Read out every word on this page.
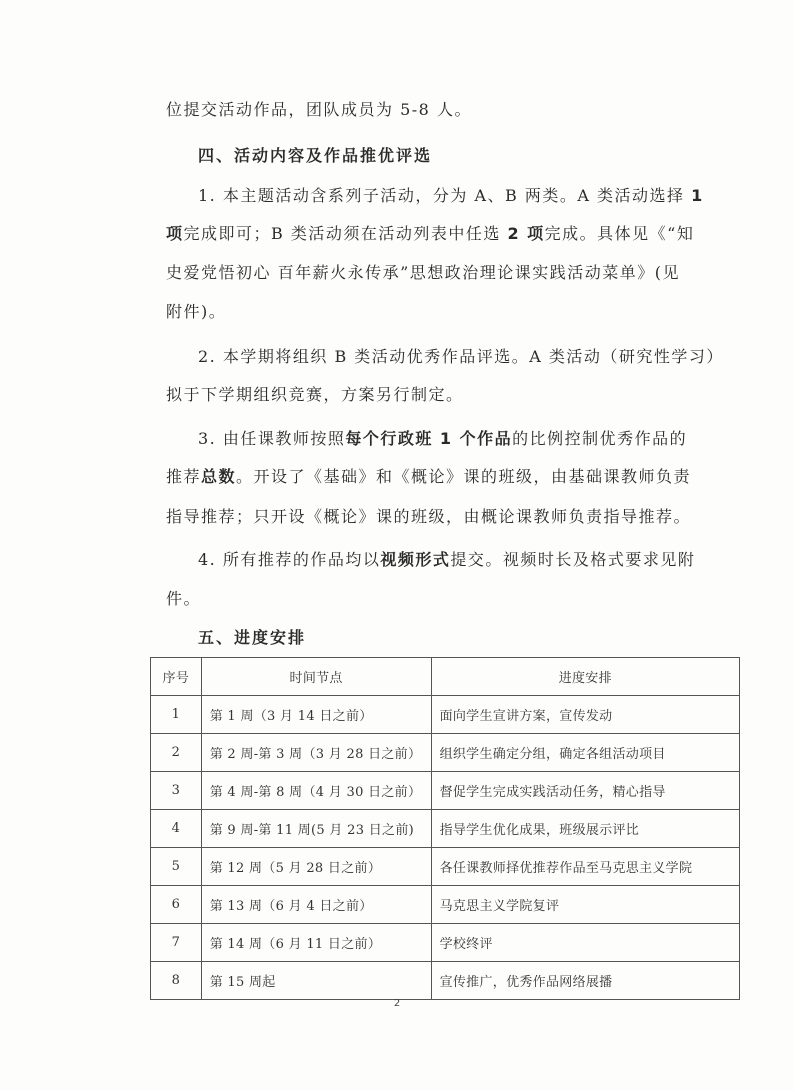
位提交活动作品，团队成员为 5-8 人。
四、活动内容及作品推优评选
1. 本主题活动含系列子活动，分为 A、B 两类。A 类活动选择 1
项完成即可；B 类活动须在活动列表中任选 2 项完成。具体见《“知
史爱党悟初心 百年薪火永传承”思想政治理论课实践活动菜单》(见
附件)。
2. 本学期将组织 B 类活动优秀作品评选。A 类活动（研究性学习）
拟于下学期组织竞赛，方案另行制定。
3. 由任课教师按照每个行政班 1 个作品的比例控制优秀作品的
推荐总数。开设了《基础》和《概论》课的班级，由基础课教师负责
指导推荐；只开设《概论》课的班级，由概论课教师负责指导推荐。
4. 所有推荐的作品均以视频形式提交。视频时长及格式要求见附
件。
五、进度安排
序号	时间节点	进度安排
1	第 1 周（3 月 14 日之前）	面向学生宣讲方案，宣传发动
2	第 2 周-第 3 周（3 月 28 日之前）	组织学生确定分组，确定各组活动项目
3	第 4 周-第 8 周（4 月 30 日之前）	督促学生完成实践活动任务，精心指导
4	第 9 周-第 11 周(5 月 23 日之前)	指导学生优化成果，班级展示评比
5	第 12 周（5 月 28 日之前）	各任课教师择优推荐作品至马克思主义学院
6	第 13 周（6 月 4 日之前）	马克思主义学院复评
7	第 14 周（6 月 11 日之前）	学校终评
8	第 15 周起	宣传推广，优秀作品网络展播
2
